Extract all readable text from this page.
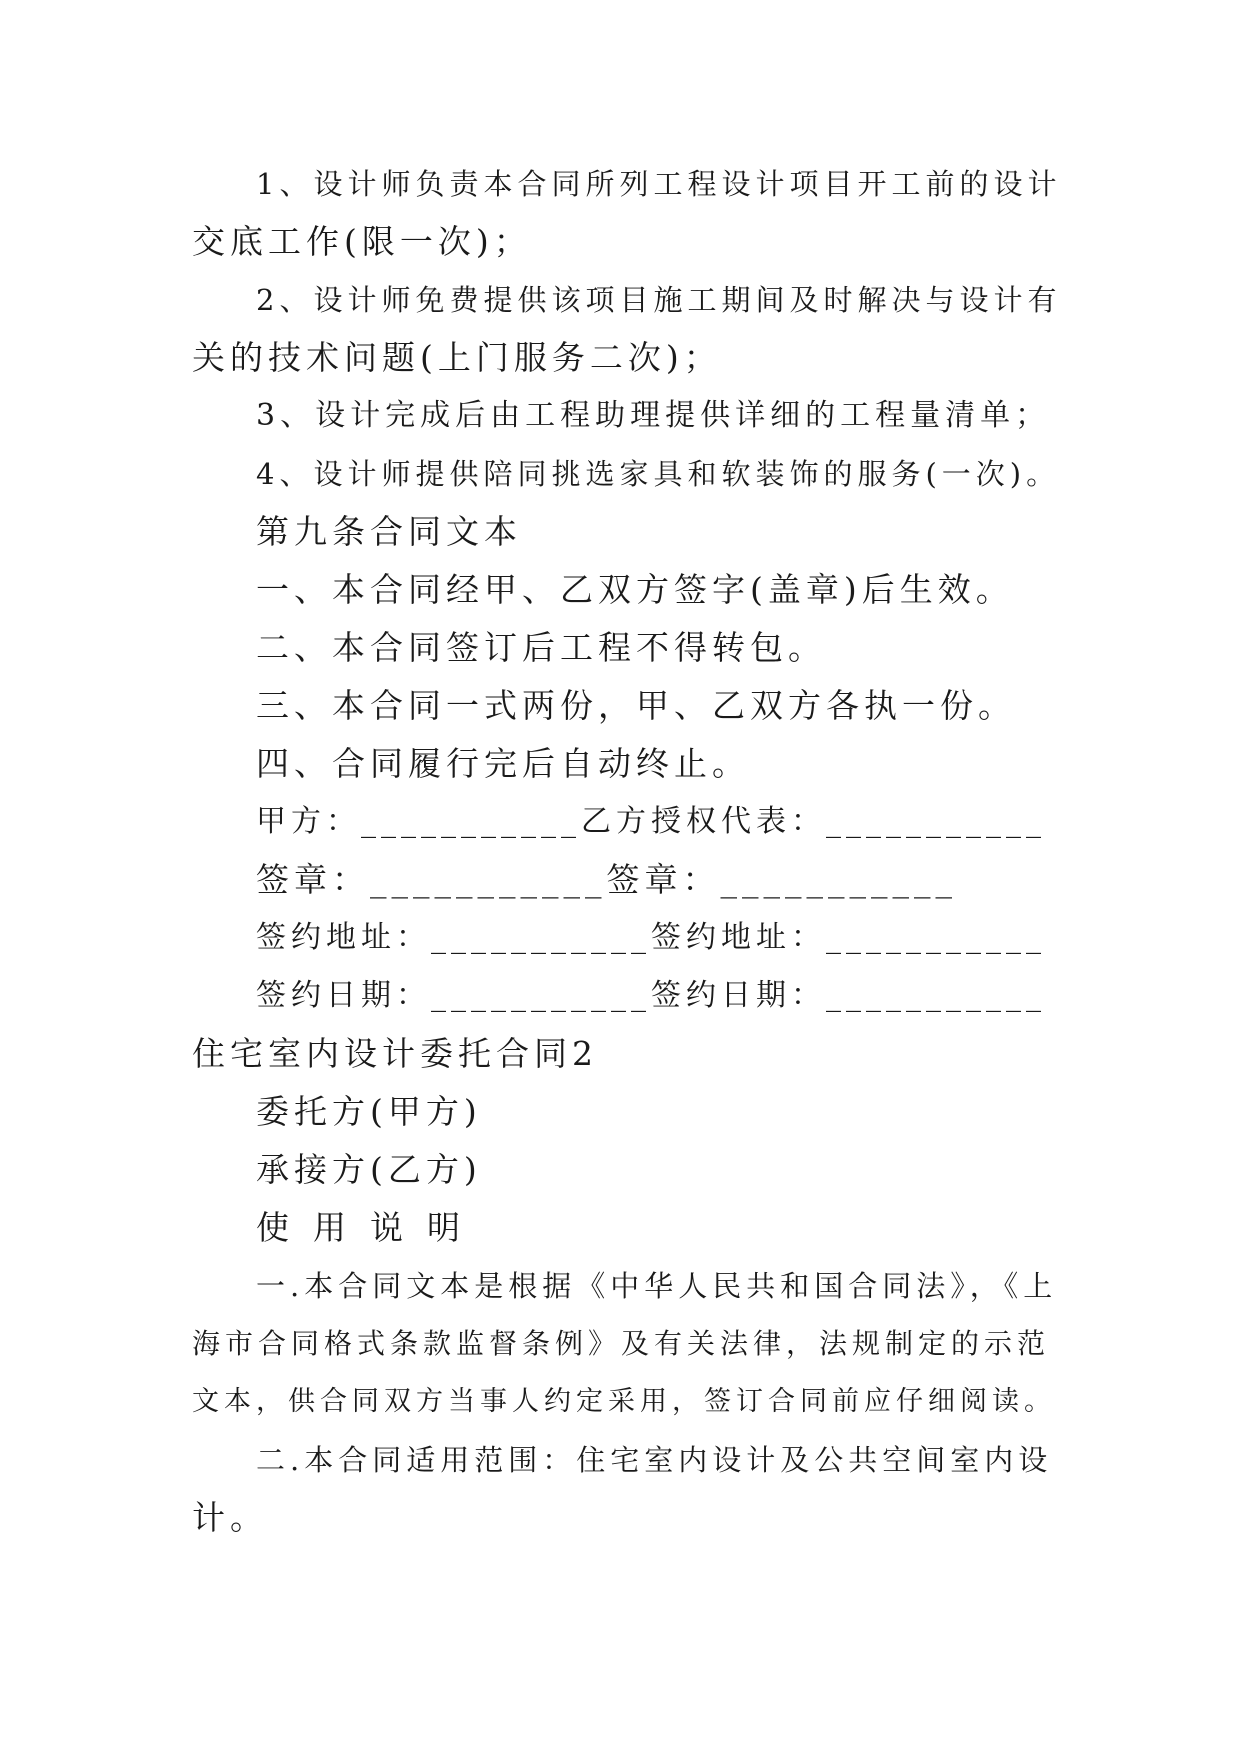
1、设计师负责本合同所列工程设计项目开工前的设计
交底工作(限一次)；
2、设计师免费提供该项目施工期间及时解决与设计有
关的技术问题(上门服务二次)；
3、设计完成后由工程助理提供详细的工程量清单；
4、设计师提供陪同挑选家具和软装饰的服务(一次)。
第九条合同文本
一、本合同经甲、乙双方签字(盖章)后生效。
二、本合同签订后工程不得转包。
三、本合同一式两份，甲、乙双方各执一份。
四、合同履行完后自动终止。
甲方：___________乙方授权代表：___________
签章：___________签章：___________
签约地址：___________签约地址：___________
签约日期：___________签约日期：___________
住宅室内设计委托合同2
委托方(甲方)
承接方(乙方)
使用说明
一.本合同文本是根据《中华人民共和国合同法》，《上
海市合同格式条款监督条例》及有关法律，法规制定的示范
文本，供合同双方当事人约定采用，签订合同前应仔细阅读。
二.本合同适用范围：住宅室内设计及公共空间室内设
计。
